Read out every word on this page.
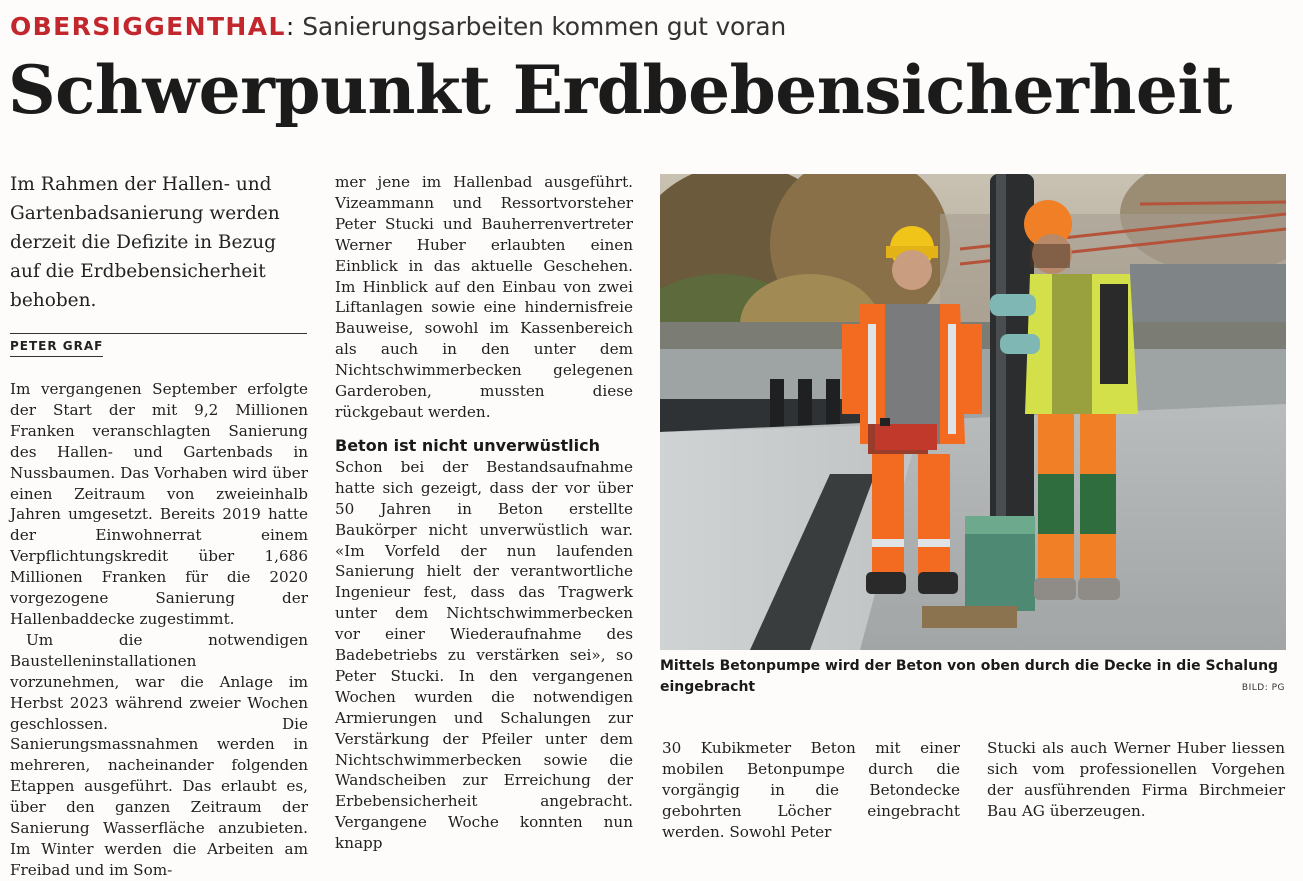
OBERSIGGENTHAL: Sanierungsarbeiten kommen gut voran
Schwerpunkt Erdbebensicherheit

Im Rahmen der Hallen- und Gartenbadsanierung werden derzeit die Defizite in Bezug auf die Erdbebensicherheit behoben.

PETER GRAF

Im vergangenen September erfolgte der Start der mit 9,2 Millionen Franken veranschlagten Sanierung des Hallen- und Gartenbads in Nussbaumen. Das Vorhaben wird über einen Zeitraum von zweieinhalb Jahren umgesetzt. Bereits 2019 hatte der Einwohnerrat einem Verpflichtungskredit über 1,686 Millionen Franken für die 2020 vorgezogene Sanierung der Hallenbaddecke zugestimmt.

Um die notwendigen Baustelleninstallationen vorzunehmen, war die Anlage im Herbst 2023 während zweier Wochen geschlossen. Die Sanierungsmassnahmen werden in mehreren, nacheinander folgenden Etappen ausgeführt. Das erlaubt es, über den ganzen Zeitraum der Sanierung Wasserfläche anzubieten. Im Winter werden die Arbeiten am Freibad und im Som-

mer jene im Hallenbad ausgeführt. Vizeammann und Ressortvorsteher Peter Stucki und Bauherrenvertreter Werner Huber erlaubten einen Einblick in das aktuelle Geschehen. Im Hinblick auf den Einbau von zwei Liftanlagen sowie eine hindernisfreie Bauweise, sowohl im Kassenbereich als auch in den unter dem Nichtschwimmerbecken gelegenen Garderoben, mussten diese rückgebaut werden.

Beton ist nicht unverwüstlich

Schon bei der Bestandsaufnahme hatte sich gezeigt, dass der vor über 50 Jahren in Beton erstellte Baukörper nicht unverwüstlich war. «Im Vorfeld der nun laufenden Sanierung hielt der verantwortliche Ingenieur fest, dass das Tragwerk unter dem Nichtschwimmerbecken vor einer Wiederaufnahme des Badebetriebs zu verstärken sei», so Peter Stucki. In den vergangenen Wochen wurden die notwendigen Armierungen und Schalungen zur Verstärkung der Pfeiler unter dem Nichtschwimmerbecken sowie die Wandscheiben zur Erreichung der Erbebensicherheit angebracht. Vergangene Woche konnten nun knapp

Mittels Betonpumpe wird der Beton von oben durch die Decke in die Schalung eingebracht	BILD: PG

30 Kubikmeter Beton mit einer mobilen Betonpumpe durch die vorgängig in die Betondecke gebohrten Löcher eingebracht werden. Sowohl Peter

Stucki als auch Werner Huber liessen sich vom professionellen Vorgehen der ausführenden Firma Birchmeier Bau AG überzeugen.
